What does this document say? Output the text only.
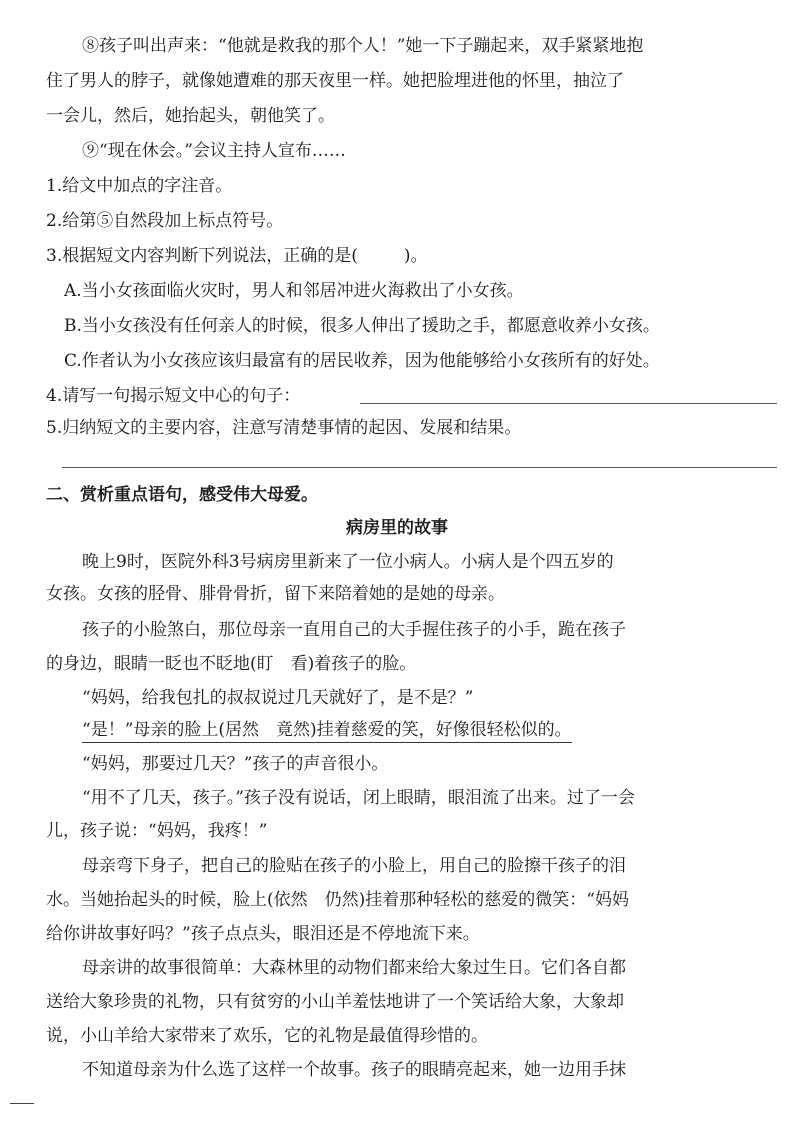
⑧孩子叫出声来：“他就是救我的那个人！”她一下子蹦起来，双手紧紧地抱
住了男人的脖子，就像她遭难的那天夜里一样。她把脸埋进他的怀里，抽泣了
一会儿，然后，她抬起头，朝他笑了。
⑨“现在休会。”会议主持人宣布……
1.给文中加点的字注音。
2.给第⑤自然段加上标点符号。
3.根据短文内容判断下列说法，正确的是(	)。
A.当小女孩面临火灾时，男人和邻居冲进火海救出了小女孩。
B.当小女孩没有任何亲人的时候，很多人伸出了援助之手，都愿意收养小女孩。
C.作者认为小女孩应该归最富有的居民收养，因为他能够给小女孩所有的好处。
4.请写一句揭示短文中心的句子：
5.归纳短文的主要内容，注意写清楚事情的起因、发展和结果。
二、赏析重点语句，感受伟大母爱。
病房里的故事
晚上9时，医院外科3号病房里新来了一位小病人。小病人是个四五岁的
女孩。女孩的胫骨、腓骨骨折，留下来陪着她的是她的母亲。
孩子的小脸煞白，那位母亲一直用自己的大手握住孩子的小手，跪在孩子
的身边，眼睛一眨也不眨地(盯　看)着孩子的脸。
“妈妈，给我包扎的叔叔说过几天就好了，是不是？”
“是！”母亲的脸上(居然　竟然)挂着慈爱的笑，好像很轻松似的。
“妈妈，那要过几天？”孩子的声音很小。
“用不了几天，孩子。”孩子没有说话，闭上眼睛，眼泪流了出来。过了一会
儿，孩子说：“妈妈，我疼！”
母亲弯下身子，把自己的脸贴在孩子的小脸上，用自己的脸擦干孩子的泪
水。当她抬起头的时候，脸上(依然　仍然)挂着那种轻松的慈爱的微笑：“妈妈
给你讲故事好吗？”孩子点点头，眼泪还是不停地流下来。
母亲讲的故事很简单：大森林里的动物们都来给大象过生日。它们各自都
送给大象珍贵的礼物，只有贫穷的小山羊羞怯地讲了一个笑话给大象，大象却
说，小山羊给大家带来了欢乐，它的礼物是最值得珍惜的。
不知道母亲为什么选了这样一个故事。孩子的眼睛亮起来，她一边用手抹
